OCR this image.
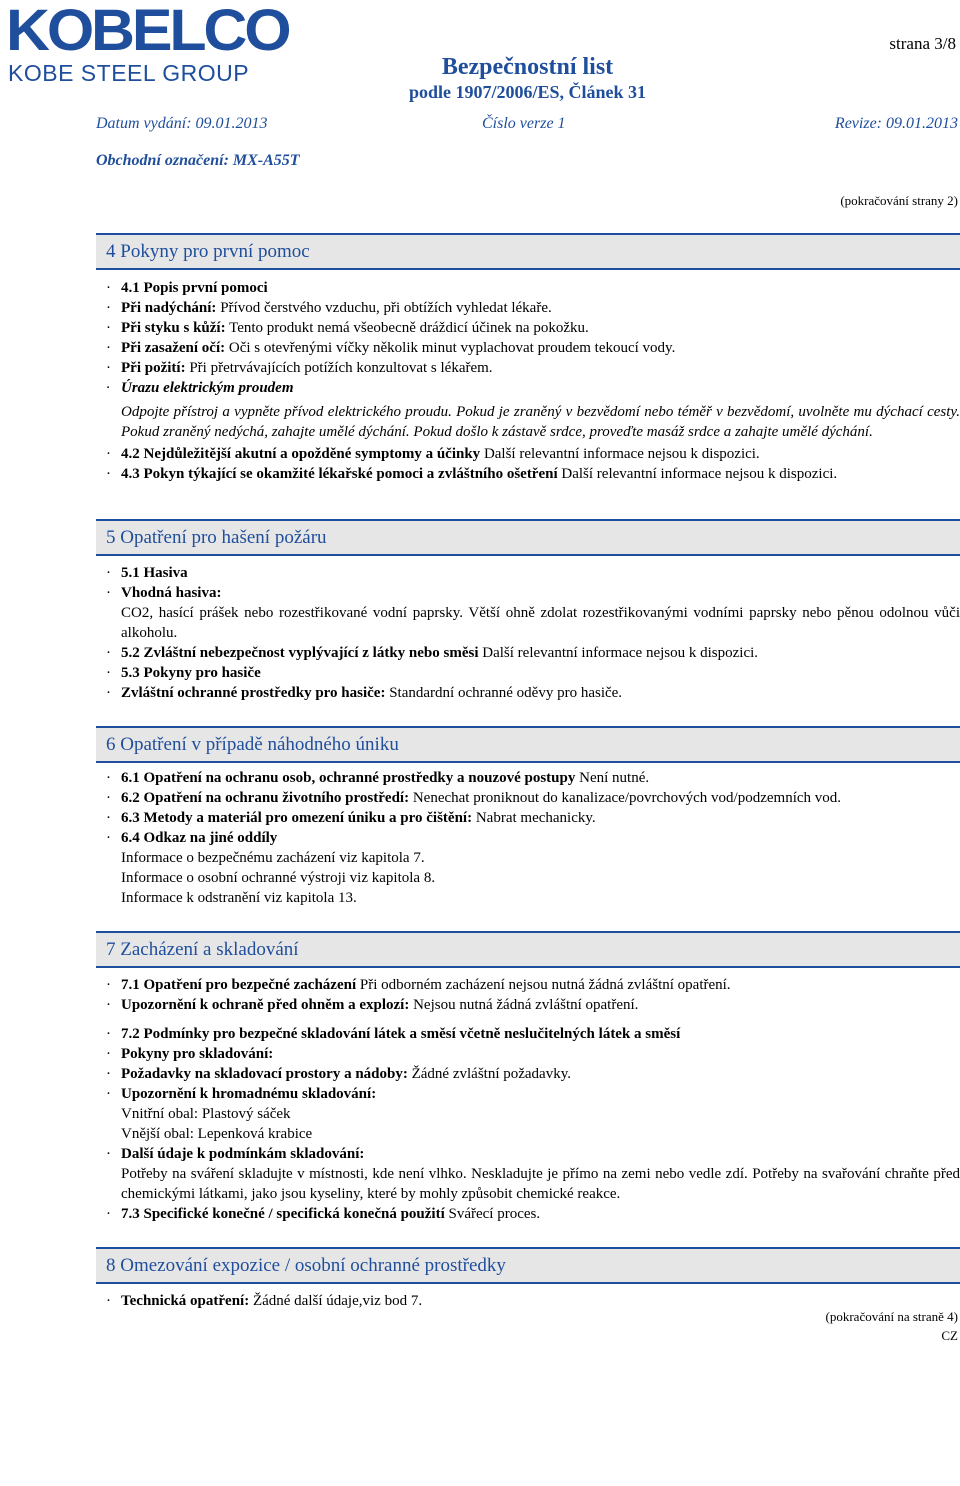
KOBELCO
KOBE STEEL GROUP
strana 3/8
Bezpečnostní list
podle 1907/2006/ES, Článek 31
Datum vydání: 09.01.2013	Číslo verze 1	Revize: 09.01.2013
Obchodní označení: MX-A55T
(pokračování strany 2)
4 Pokyny pro první pomoc
· 4.1 Popis první pomoci
· Při nadýchání: Přívod čerstvého vzduchu, při obtížích vyhledat lékaře.
· Při styku s kůží: Tento produkt nemá všeobecně dráždicí účinek na pokožku.
· Při zasažení očí: Oči s otevřenými víčky několik minut vyplachovat proudem tekoucí vody.
· Při požití: Při přetrvávajících potížích konzultovat s lékařem.
· Úrazu elektrickým proudem
Odpojte přístroj a vypněte přívod elektrického proudu. Pokud je zraněný v bezvědomí nebo téměř v bezvědomí, uvolněte mu dýchací cesty. Pokud zraněný nedýchá, zahajte umělé dýchání. Pokud došlo k zástavě srdce, proveďte masáž srdce a zahajte umělé dýchání.
· 4.2 Nejdůležitější akutní a opožděné symptomy a účinky Další relevantní informace nejsou k dispozici.
· 4.3 Pokyn týkající se okamžité lékařské pomoci a zvláštního ošetření Další relevantní informace nejsou k dispozici.
5 Opatření pro hašení požáru
· 5.1 Hasiva
· Vhodná hasiva:
CO2, hasící prášek nebo rozestřikované vodní paprsky. Větší ohně zdolat rozestřikovanými vodními paprsky nebo pěnou odolnou vůči alkoholu.
· 5.2 Zvláštní nebezpečnost vyplývající z látky nebo směsi Další relevantní informace nejsou k dispozici.
· 5.3 Pokyny pro hasiče
· Zvláštní ochranné prostředky pro hasiče: Standardní ochranné oděvy pro hasiče.
6 Opatření v případě náhodného úniku
· 6.1 Opatření na ochranu osob, ochranné prostředky a nouzové postupy Není nutné.
· 6.2 Opatření na ochranu životního prostředí: Nenechat proniknout do kanalizace/povrchových vod/podzemních vod.
· 6.3 Metody a materiál pro omezení úniku a pro čištění: Nabrat mechanicky.
· 6.4 Odkaz na jiné oddíly
Informace o bezpečnému zacházení viz kapitola 7.
Informace o osobní ochranné výstroji viz kapitola 8.
Informace k odstranění viz kapitola 13.
7 Zacházení a skladování
· 7.1 Opatření pro bezpečné zacházení Při odborném zacházení nejsou nutná žádná zvláštní opatření.
· Upozornění k ochraně před ohněm a explozí: Nejsou nutná žádná zvláštní opatření.
· 7.2 Podmínky pro bezpečné skladování látek a směsí včetně neslučitelných látek a směsí
· Pokyny pro skladování:
· Požadavky na skladovací prostory a nádoby: Žádné zvláštní požadavky.
· Upozornění k hromadnému skladování:
Vnitřní obal: Plastový sáček
Vnější obal: Lepenková krabice
· Další údaje k podmínkám skladování:
Potřeby na sváření skladujte v místnosti, kde není vlhko. Neskladujte je přímo na zemi nebo vedle zdí. Potřeby na svařování chraňte před chemickými látkami, jako jsou kyseliny, které by mohly způsobit chemické reakce.
· 7.3 Specifické konečné / specifická konečná použití Svářecí proces.
8 Omezování expozice / osobní ochranné prostředky
· Technická opatření: Žádné další údaje,viz bod 7.
(pokračování na straně 4)
CZ
